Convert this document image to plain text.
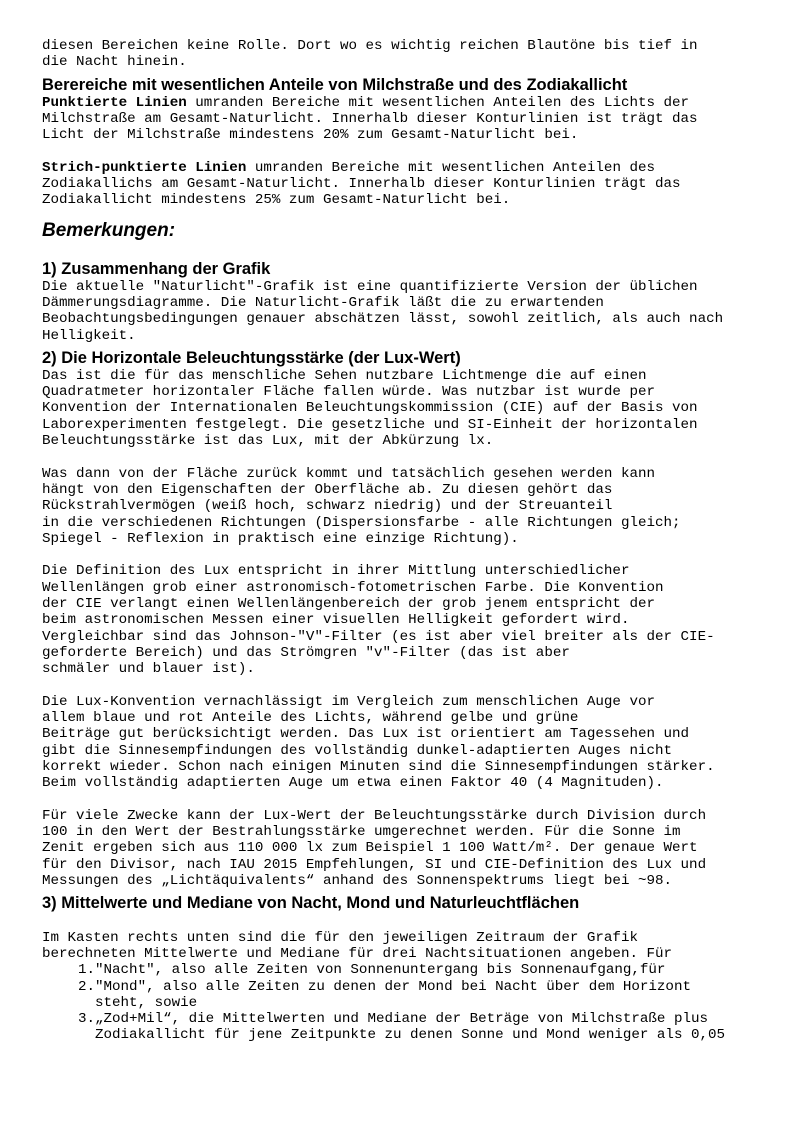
diesen Bereichen keine Rolle. Dort wo es wichtig reichen Blautöne bis tief in

die Nacht hinein.

Berereiche mit wesentlichen Anteile von Milchstraße und des Zodiakallicht

Punktierte Linien umranden Bereiche mit wesentlichen Anteilen des Lichts der

Milchstraße am Gesamt-Naturlicht. Innerhalb dieser Konturlinien ist trägt das

Licht der Milchstraße mindestens 20% zum Gesamt-Naturlicht bei.

Strich-punktierte Linien umranden Bereiche mit wesentlichen Anteilen des

Zodiakallichs am Gesamt-Naturlicht. Innerhalb dieser Konturlinien trägt das

Zodiakallicht mindestens 25% zum Gesamt-Naturlicht bei.

Bemerkungen:
1) Zusammenhang der Grafik

Die aktuelle "Naturlicht"-Grafik ist eine quantifizierte Version der üblichen

Dämmerungsdiagramme. Die Naturlicht-Grafik läßt die zu erwartenden

Beobachtungsbedingungen genauer abschätzen lässt, sowohl zeitlich, als auch nach

Helligkeit.

2) Die Horizontale Beleuchtungsstärke (der Lux-Wert)

Das ist die für das menschliche Sehen nutzbare Lichtmenge die auf einen

Quadratmeter horizontaler Fläche fallen würde. Was nutzbar ist wurde per

Konvention der Internationalen Beleuchtungskommission (CIE) auf der Basis von

Laborexperimenten festgelegt. Die gesetzliche und SI-Einheit der horizontalen

Beleuchtungsstärke ist das Lux, mit der Abkürzung lx.

Was dann von der Fläche zurück kommt und tatsächlich gesehen werden kann

hängt von den Eigenschaften der Oberfläche ab. Zu diesen gehört das

Rückstrahlvermögen (weiß hoch, schwarz niedrig) und der Streuanteil

in die verschiedenen Richtungen (Dispersionsfarbe - alle Richtungen gleich;

Spiegel - Reflexion in praktisch eine einzige Richtung).

Die Definition des Lux entspricht in ihrer Mittlung unterschiedlicher

Wellenlängen grob einer astronomisch-fotometrischen Farbe. Die Konvention

der CIE verlangt einen Wellenlängenbereich der grob jenem entspricht der

beim astronomischen Messen einer visuellen Helligkeit gefordert wird.

Vergleichbar sind das Johnson-"V"-Filter (es ist aber viel breiter als der CIE-

geforderte Bereich) und das Strömgren "v"-Filter (das ist aber

schmäler und blauer ist).

Die Lux-Konvention vernachlässigt im Vergleich zum menschlichen Auge vor

allem blaue und rot Anteile des Lichts, während gelbe und grüne

Beiträge gut berücksichtigt werden. Das Lux ist orientiert am Tagessehen und

gibt die Sinnesempfindungen des vollständig dunkel-adaptierten Auges nicht

korrekt wieder. Schon nach einigen Minuten sind die Sinnesempfindungen stärker.

Beim vollständig adaptierten Auge um etwa einen Faktor 40 (4 Magnituden).

Für viele Zwecke kann der Lux-Wert der Beleuchtungsstärke durch Division durch

100 in den Wert der Bestrahlungsstärke umgerechnet werden. Für die Sonne im

Zenit ergeben sich aus 110 000 lx zum Beispiel 1 100 Watt/m². Der genaue Wert

für den Divisor, nach IAU 2015 Empfehlungen, SI und CIE-Definition des Lux und

Messungen des „Lichtäquivalents“ anhand des Sonnenspektrums liegt bei ~98.

3) Mittelwerte und Mediane von Nacht, Mond und Naturleuchtflächen

Im Kasten rechts unten sind die für den jeweiligen Zeitraum der Grafik

berechneten Mittelwerte und Mediane für drei Nachtsituationen angeben. Für

1. "Nacht", also alle Zeiten von Sonnenuntergang bis Sonnenaufgang,für
2. "Mond", also alle Zeiten zu denen der Mond bei Nacht über dem Horizont
steht, sowie
3. „Zod+Mil“, die Mittelwerten und Mediane der Beträge von Milchstraße plus
Zodiakallicht für jene Zeitpunkte zu denen Sonne und Mond weniger als 0,05
